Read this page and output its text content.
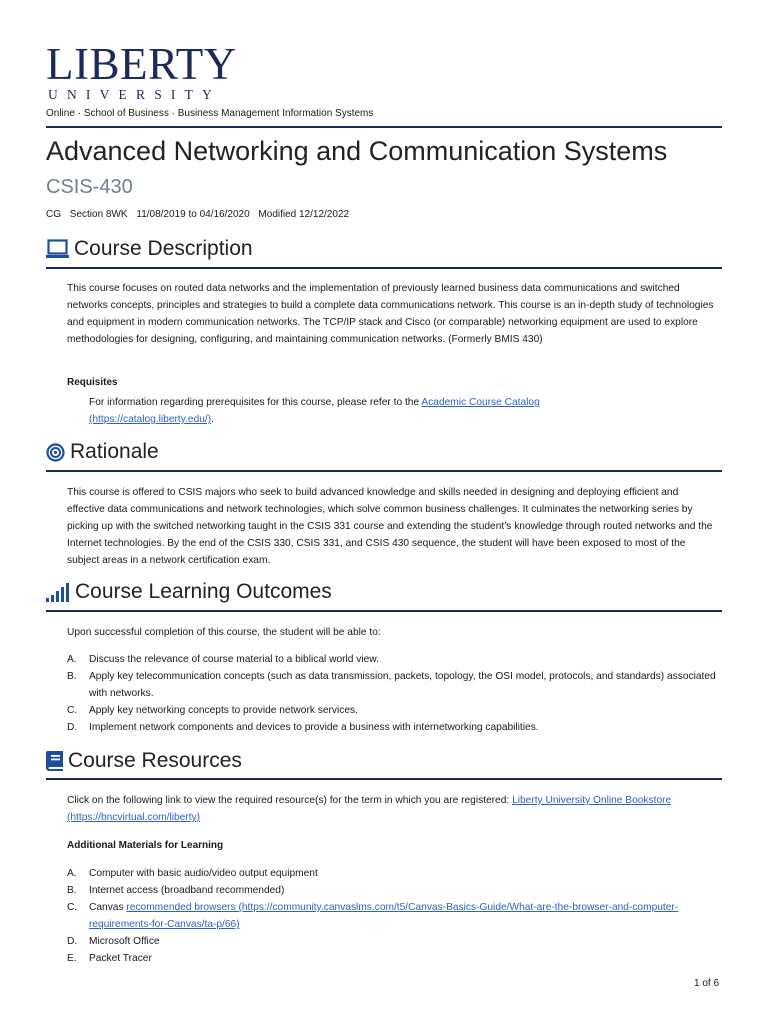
LIBERTY
UNIVERSITY
Online · School of Business · Business Management Information Systems
Advanced Networking and Communication Systems
CSIS-430
CG Section 8WK 11/08/2019 to 04/16/2020 Modified 12/12/2022
Course Description
This course focuses on routed data networks and the implementation of previously learned business data communications and switched networks concepts, principles and strategies to build a complete data communications network. This course is an in-depth study of technologies and equipment in modern communication networks. The TCP/IP stack and Cisco (or comparable) networking equipment are used to explore methodologies for designing, configuring, and maintaining communication networks. (Formerly BMIS 430)
Requisites
For information regarding prerequisites for this course, please refer to the Academic Course Catalog (https://catalog.liberty.edu/).
Rationale
This course is offered to CSIS majors who seek to build advanced knowledge and skills needed in designing and deploying efficient and effective data communications and network technologies, which solve common business challenges. It culminates the networking series by picking up with the switched networking taught in the CSIS 331 course and extending the student’s knowledge through routed networks and the Internet technologies. By the end of the CSIS 330, CSIS 331, and CSIS 430 sequence, the student will have been exposed to most of the subject areas in a network certification exam.
Course Learning Outcomes
Upon successful completion of this course, the student will be able to:
A.	Discuss the relevance of course material to a biblical world view.
B.	Apply key telecommunication concepts (such as data transmission, packets, topology, the OSI model, protocols, and standards) associated with networks.
C.	Apply key networking concepts to provide network services.
D.	Implement network components and devices to provide a business with internetworking capabilities.
Course Resources
Click on the following link to view the required resource(s) for the term in which you are registered: Liberty University Online Bookstore (https://bncvirtual.com/liberty)
Additional Materials for Learning
A.	Computer with basic audio/video output equipment
B.	Internet access (broadband recommended)
C.	Canvas recommended browsers (https://community.canvaslms.com/t5/Canvas-Basics-Guide/What-are-the-browser-and-computer-requirements-for-Canvas/ta-p/66)
D.	Microsoft Office
E.	Packet Tracer
1 of 6
